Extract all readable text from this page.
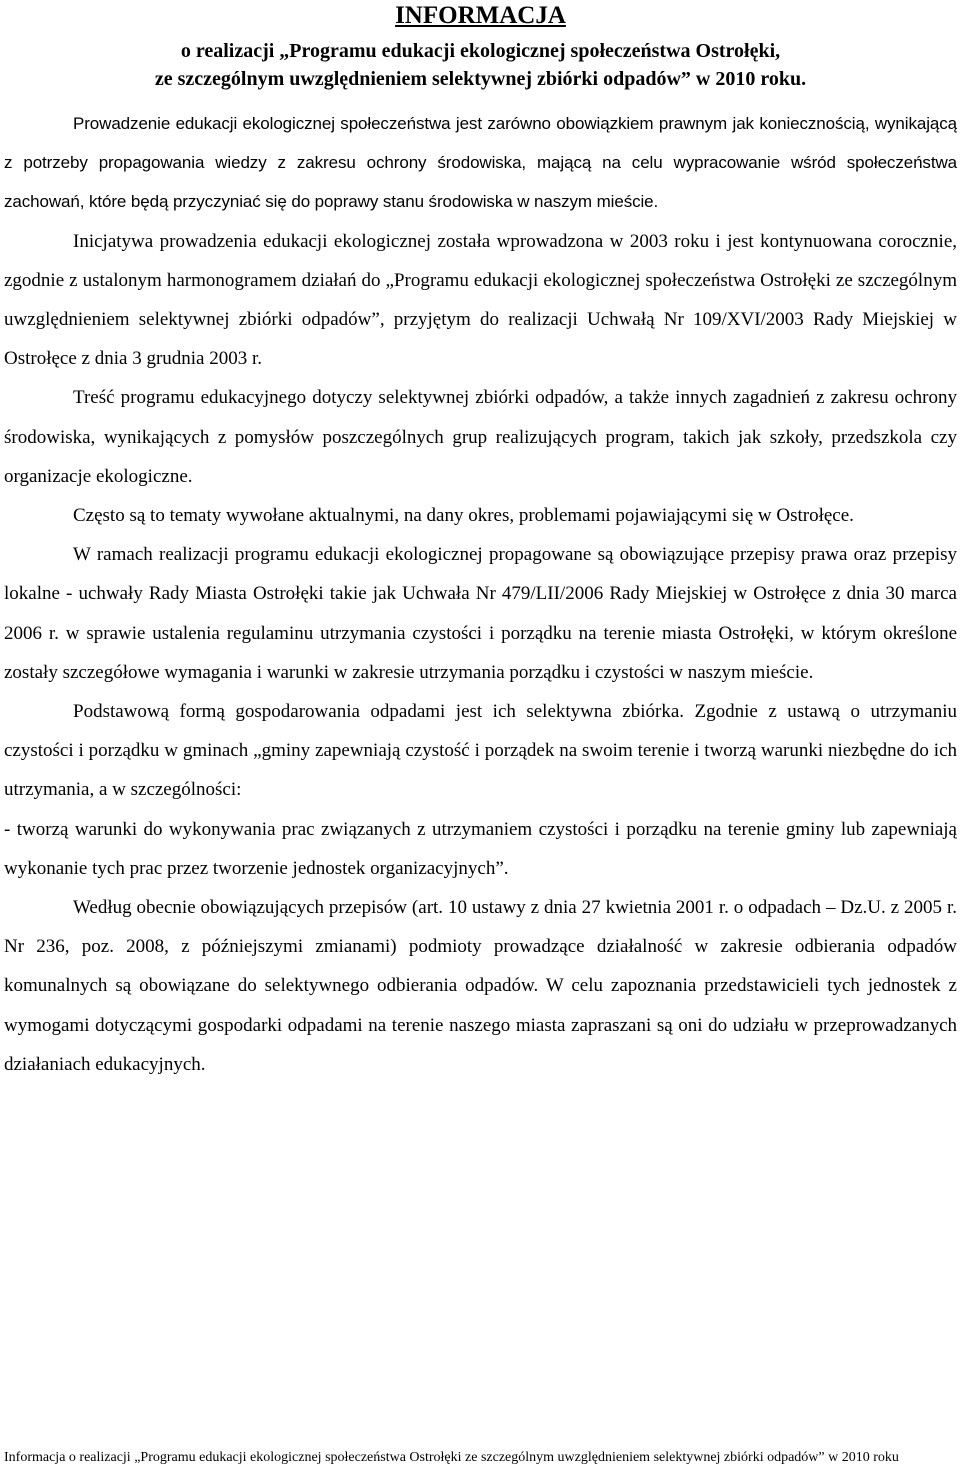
INFORMACJA
o realizacji „Programu edukacji ekologicznej społeczeństwa Ostrołęki,
ze szczególnym uwzględnieniem selektywnej zbiórki odpadów” w 2010 roku.

Prowadzenie edukacji ekologicznej społeczeństwa jest zarówno obowiązkiem prawnym jak koniecznością, wynikającą z potrzeby propagowania wiedzy z zakresu ochrony środowiska, mającą na celu wypracowanie wśród społeczeństwa zachowań, które będą przyczyniać się do poprawy stanu środowiska w naszym mieście.

Inicjatywa prowadzenia edukacji ekologicznej została wprowadzona w 2003 roku i jest kontynuowana corocznie, zgodnie z ustalonym harmonogramem działań do „Programu edukacji ekologicznej społeczeństwa Ostrołęki ze szczególnym uwzględnieniem selektywnej zbiórki odpadów”, przyjętym do realizacji Uchwałą Nr 109/XVI/2003 Rady Miejskiej w Ostrołęce z dnia 3 grudnia 2003 r.

Treść programu edukacyjnego dotyczy selektywnej zbiórki odpadów, a także innych zagadnień z zakresu ochrony środowiska, wynikających z pomysłów poszczególnych grup realizujących program, takich jak szkoły, przedszkola czy organizacje ekologiczne.

Często są to tematy wywołane aktualnymi, na dany okres, problemami pojawiającymi się w Ostrołęce.

W ramach realizacji programu edukacji ekologicznej propagowane są obowiązujące przepisy prawa oraz przepisy lokalne - uchwały Rady Miasta Ostrołęki takie jak Uchwała Nr 479/LII/2006 Rady Miejskiej w Ostrołęce z dnia 30 marca 2006 r. w sprawie ustalenia regulaminu utrzymania czystości i porządku na terenie miasta Ostrołęki, w którym określone zostały szczegółowe wymagania i warunki w zakresie utrzymania porządku i czystości w naszym mieście.

Podstawową formą gospodarowania odpadami jest ich selektywna zbiórka. Zgodnie z ustawą o utrzymaniu czystości i porządku w gminach „gminy zapewniają czystość i porządek na swoim terenie i tworzą warunki niezbędne do ich utrzymania, a w szczególności:

- tworzą warunki do wykonywania prac związanych z utrzymaniem czystości i porządku na terenie gminy lub zapewniają wykonanie tych prac przez tworzenie jednostek organizacyjnych”.

Według obecnie obowiązujących przepisów (art. 10 ustawy z dnia 27 kwietnia 2001 r. o odpadach – Dz.U. z 2005 r. Nr 236, poz. 2008, z późniejszymi zmianami) podmioty prowadzące działalność w zakresie odbierania odpadów komunalnych są obowiązane do selektywnego odbierania odpadów. W celu zapoznania przedstawicieli tych jednostek z wymogami dotyczącymi gospodarki odpadami na terenie naszego miasta zapraszani są oni do udziału w przeprowadzanych działaniach edukacyjnych.

Informacja o realizacji „Programu edukacji ekologicznej społeczeństwa Ostrołęki ze szczególnym uwzględnieniem selektywnej zbiórki odpadów” w 2010 roku
